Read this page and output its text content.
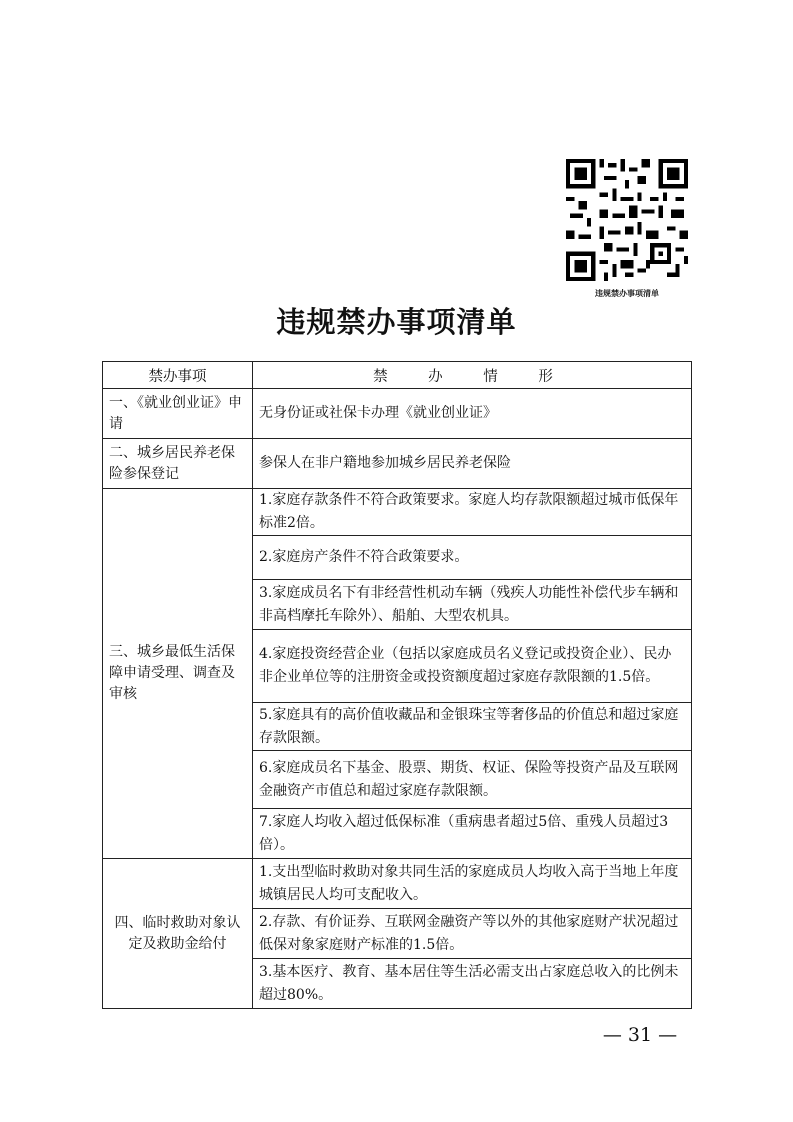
违规禁办事项清单
违规禁办事项清单
禁办事项	禁 办 情 形
一、《就业创业证》申请	无身份证或社保卡办理《就业创业证》
二、城乡居民养老保险参保登记	参保人在非户籍地参加城乡居民养老保险
三、城乡最低生活保障申请受理、调查及审核	1.家庭存款条件不符合政策要求。家庭人均存款限额超过城市低保年标准2倍。
	2.家庭房产条件不符合政策要求。
	3.家庭成员名下有非经营性机动车辆（残疾人功能性补偿代步车辆和非高档摩托车除外）、船舶、大型农机具。
	4.家庭投资经营企业（包括以家庭成员名义登记或投资企业）、民办非企业单位等的注册资金或投资额度超过家庭存款限额的1.5倍。
	5.家庭具有的高价值收藏品和金银珠宝等奢侈品的价值总和超过家庭存款限额。
	6.家庭成员名下基金、股票、期货、权证、保险等投资产品及互联网金融资产市值总和超过家庭存款限额。
	7.家庭人均收入超过低保标准（重病患者超过5倍、重残人员超过3倍）。
四、临时救助对象认定及救助金给付	1.支出型临时救助对象共同生活的家庭成员人均收入高于当地上年度城镇居民人均可支配收入。
	2.存款、有价证券、互联网金融资产等以外的其他家庭财产状况超过低保对象家庭财产标准的1.5倍。
	3.基本医疗、教育、基本居住等生活必需支出占家庭总收入的比例未超过80%。
— 31 —
